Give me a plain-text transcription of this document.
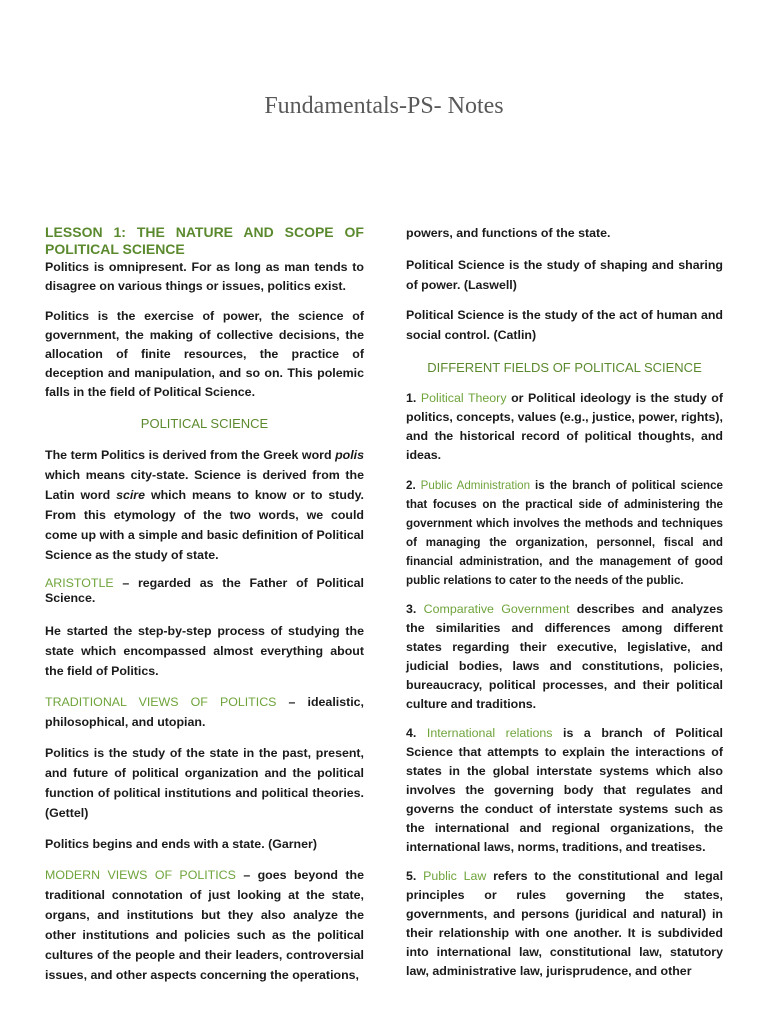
Fundamentals-PS- Notes

LESSON 1: THE NATURE AND SCOPE OF POLITICAL SCIENCE

Politics is omnipresent. For as long as man tends to disagree on various things or issues, politics exist.

Politics is the exercise of power, the science of government, the making of collective decisions, the allocation of finite resources, the practice of deception and manipulation, and so on. This polemic falls in the field of Political Science.

POLITICAL SCIENCE

The term Politics is derived from the Greek word polis which means city-state. Science is derived from the Latin word scire which means to know or to study. From this etymology of the two words, we could come up with a simple and basic definition of Political Science as the study of state.

ARISTOTLE – regarded as the Father of Political Science.

He started the step-by-step process of studying the state which encompassed almost everything about the field of Politics.

TRADITIONAL VIEWS OF POLITICS – idealistic, philosophical, and utopian.

Politics is the study of the state in the past, present, and future of political organization and the political function of political institutions and political theories. (Gettel)

Politics begins and ends with a state. (Garner)

MODERN VIEWS OF POLITICS – goes beyond the traditional connotation of just looking at the state, organs, and institutions but they also analyze the other institutions and policies such as the political cultures of the people and their leaders, controversial issues, and other aspects concerning the operations,

powers, and functions of the state.

Political Science is the study of shaping and sharing of power. (Laswell)

Political Science is the study of the act of human and social control. (Catlin)

DIFFERENT FIELDS OF POLITICAL SCIENCE

1. Political Theory or Political ideology is the study of politics, concepts, values (e.g., justice, power, rights), and the historical record of political thoughts, and ideas.

2. Public Administration is the branch of political science that focuses on the practical side of administering the government which involves the methods and techniques of managing the organization, personnel, fiscal and financial administration, and the management of good public relations to cater to the needs of the public.

3. Comparative Government describes and analyzes the similarities and differences among different states regarding their executive, legislative, and judicial bodies, laws and constitutions, policies, bureaucracy, political processes, and their political culture and traditions.

4. International relations is a branch of Political Science that attempts to explain the interactions of states in the global interstate systems which also involves the governing body that regulates and governs the conduct of interstate systems such as the international and regional organizations, the international laws, norms, traditions, and treatises.

5. Public Law refers to the constitutional and legal principles or rules governing the states, governments, and persons (juridical and natural) in their relationship with one another. It is subdivided into international law, constitutional law, statutory law, administrative law, jurisprudence, and other
